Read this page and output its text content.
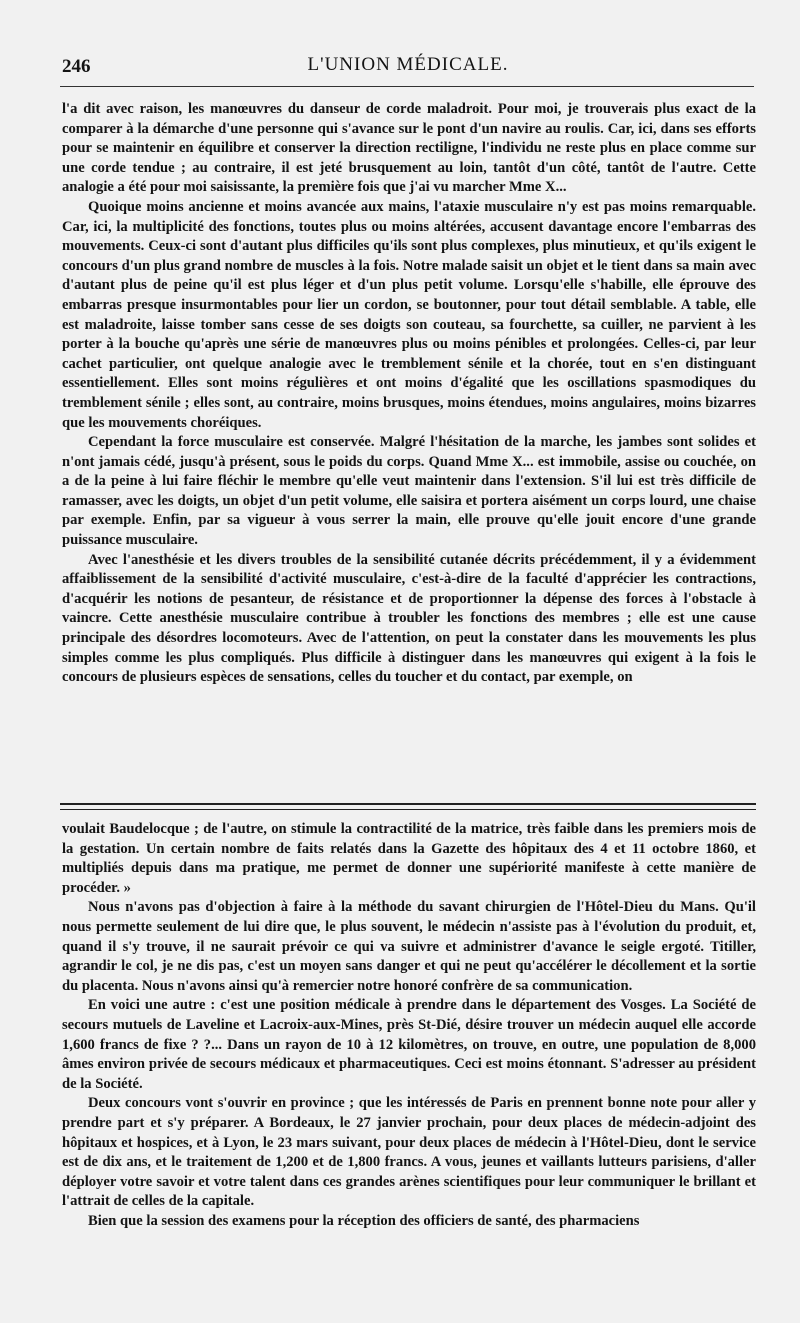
246	L'UNION MÉDICALE.

l'a dit avec raison, les manœuvres du danseur de corde maladroit. Pour moi, je trouverais plus exact de la comparer à la démarche d'une personne qui s'avance sur le pont d'un navire au roulis. Car, ici, dans ses efforts pour se maintenir en équilibre et conserver la direction rectiligne, l'individu ne reste plus en place comme sur une corde tendue ; au contraire, il est jeté brusquement au loin, tantôt d'un côté, tantôt de l'autre. Cette analogie a été pour moi saisissante, la première fois que j'ai vu marcher Mme X...

Quoique moins ancienne et moins avancée aux mains, l'ataxie musculaire n'y est pas moins remarquable. Car, ici, la multiplicité des fonctions, toutes plus ou moins altérées, accusent davantage encore l'embarras des mouvements. Ceux-ci sont d'autant plus difficiles qu'ils sont plus complexes, plus minutieux, et qu'ils exigent le concours d'un plus grand nombre de muscles à la fois. Notre malade saisit un objet et le tient dans sa main avec d'autant plus de peine qu'il est plus léger et d'un plus petit volume. Lorsqu'elle s'habille, elle éprouve des embarras presque insurmontables pour lier un cordon, se boutonner, pour tout détail semblable. A table, elle est maladroite, laisse tomber sans cesse de ses doigts son couteau, sa fourchette, sa cuiller, ne parvient à les porter à la bouche qu'après une série de manœuvres plus ou moins pénibles et prolongées. Celles-ci, par leur cachet particulier, ont quelque analogie avec le tremblement sénile et la chorée, tout en s'en distinguant essentiellement. Elles sont moins régulières et ont moins d'égalité que les oscillations spasmodiques du tremblement sénile ; elles sont, au contraire, moins brusques, moins étendues, moins angulaires, moins bizarres que les mouvements choréiques.

Cependant la force musculaire est conservée. Malgré l'hésitation de la marche, les jambes sont solides et n'ont jamais cédé, jusqu'à présent, sous le poids du corps. Quand Mme X... est immobile, assise ou couchée, on a de la peine à lui faire fléchir le membre qu'elle veut maintenir dans l'extension. S'il lui est très difficile de ramasser, avec les doigts, un objet d'un petit volume, elle saisira et portera aisément un corps lourd, une chaise par exemple. Enfin, par sa vigueur à vous serrer la main, elle prouve qu'elle jouit encore d'une grande puissance musculaire.

Avec l'anesthésie et les divers troubles de la sensibilité cutanée décrits précédemment, il y a évidemment affaiblissement de la sensibilité d'activité musculaire, c'est-à-dire de la faculté d'apprécier les contractions, d'acquérir les notions de pesanteur, de résistance et de proportionner la dépense des forces à l'obstacle à vaincre. Cette anesthésie musculaire contribue à troubler les fonctions des membres ; elle est une cause principale des désordres locomoteurs. Avec de l'attention, on peut la constater dans les mouvements les plus simples comme les plus compliqués. Plus difficile à distinguer dans les manœuvres qui exigent à la fois le concours de plusieurs espèces de sensations, celles du toucher et du contact, par exemple, on

voulait Baudelocque ; de l'autre, on stimule la contractilité de la matrice, très faible dans les premiers mois de la gestation. Un certain nombre de faits relatés dans la Gazette des hôpitaux des 4 et 11 octobre 1860, et multipliés depuis dans ma pratique, me permet de donner une supériorité manifeste à cette manière de procéder. »

Nous n'avons pas d'objection à faire à la méthode du savant chirurgien de l'Hôtel-Dieu du Mans. Qu'il nous permette seulement de lui dire que, le plus souvent, le médecin n'assiste pas à l'évolution du produit, et, quand il s'y trouve, il ne saurait prévoir ce qui va suivre et administrer d'avance le seigle ergoté. Titiller, agrandir le col, je ne dis pas, c'est un moyen sans danger et qui ne peut qu'accélérer le décollement et la sortie du placenta. Nous n'avons ainsi qu'à remercier notre honoré confrère de sa communication.

En voici une autre : c'est une position médicale à prendre dans le département des Vosges. La Société de secours mutuels de Laveline et Lacroix-aux-Mines, près St-Dié, désire trouver un médecin auquel elle accorde 1,600 francs de fixe ? ?... Dans un rayon de 10 à 12 kilomètres, on trouve, en outre, une population de 8,000 âmes environ privée de secours médicaux et pharmaceutiques. Ceci est moins étonnant. S'adresser au président de la Société.

Deux concours vont s'ouvrir en province ; que les intéressés de Paris en prennent bonne note pour aller y prendre part et s'y préparer. A Bordeaux, le 27 janvier prochain, pour deux places de médecin-adjoint des hôpitaux et hospices, et à Lyon, le 23 mars suivant, pour deux places de médecin à l'Hôtel-Dieu, dont le service est de dix ans, et le traitement de 1,200 et de 1,800 francs. A vous, jeunes et vaillants lutteurs parisiens, d'aller déployer votre savoir et votre talent dans ces grandes arènes scientifiques pour leur communiquer le brillant et l'attrait de celles de la capitale.

Bien que la session des examens pour la réception des officiers de santé, des pharmaciens
